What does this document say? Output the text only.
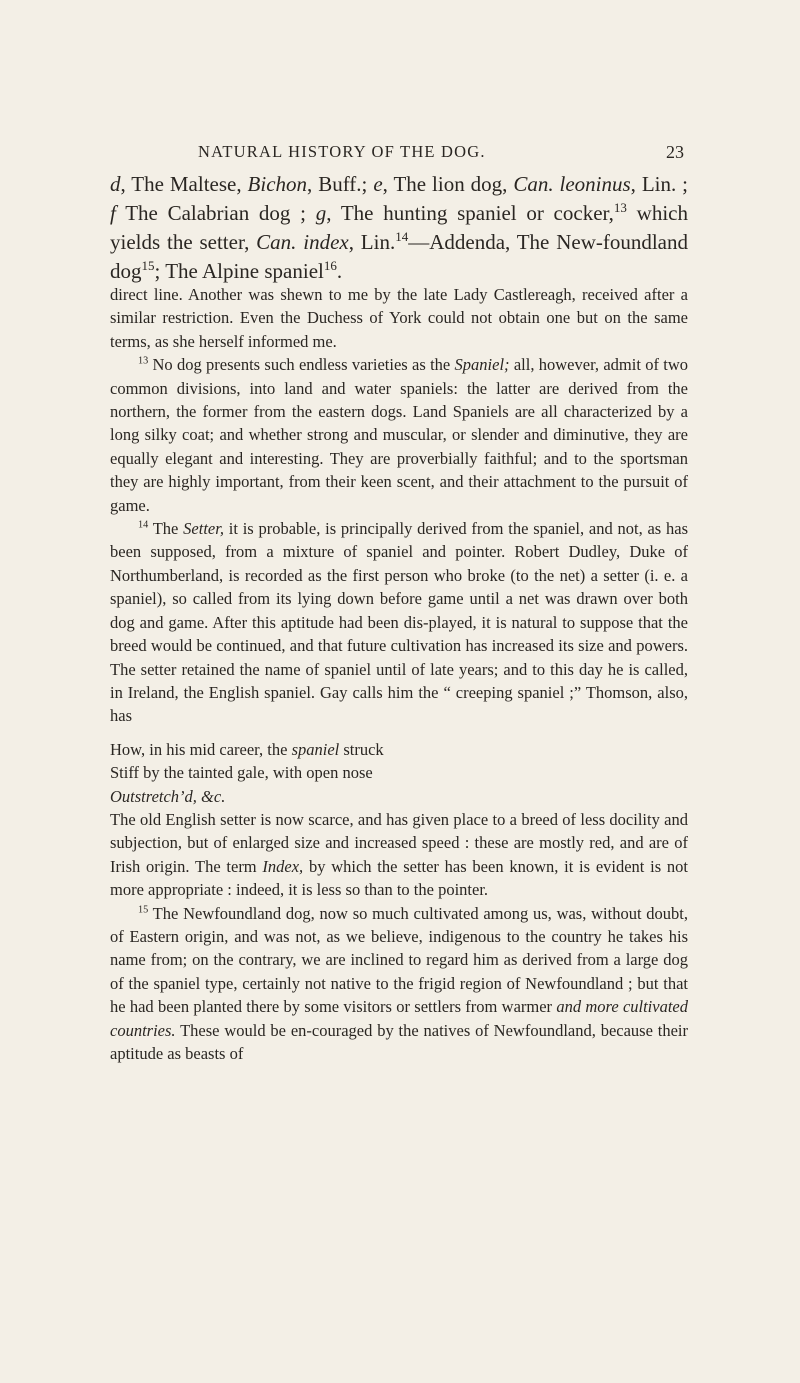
NATURAL HISTORY OF THE DOG.	23

d, The Maltese, Bichon, Buff.; e, The lion dog, Can. leoninus, Lin. ; f The Calabrian dog ; g, The hunting spaniel or cocker,$^{13}$ which yields the setter, Can. index, Lin.$^{14}$—Addenda, The New-foundland dog$^{15}$; The Alpine spaniel$^{16}$.

direct line. Another was shewn to me by the late Lady Castlereagh, received after a similar restriction. Even the Duchess of York could not obtain one but on the same terms, as she herself informed me.

$^{13}$ No dog presents such endless varieties as the Spaniel; all, however, admit of two common divisions, into land and water spaniels: the latter are derived from the northern, the former from the eastern dogs. Land Spaniels are all characterized by a long silky coat; and whether strong and muscular, or slender and diminutive, they are equally elegant and interesting. They are proverbially faithful; and to the sportsman they are highly important, from their keen scent, and their attachment to the pursuit of game.

$^{14}$ The Setter, it is probable, is principally derived from the spaniel, and not, as has been supposed, from a mixture of spaniel and pointer. Robert Dudley, Duke of Northumberland, is recorded as the first person who broke (to the net) a setter (i. e. a spaniel), so called from its lying down before game until a net was drawn over both dog and game. After this aptitude had been dis-played, it is natural to suppose that the breed would be continued, and that future cultivation has increased its size and powers. The setter retained the name of spaniel until of late years; and to this day he is called, in Ireland, the English spaniel. Gay calls him the “ creeping spaniel ;” Thomson, also, has

How, in his mid career, the spaniel struck
Stiff by the tainted gale, with open nose
Outstretch’d, &c.

The old English setter is now scarce, and has given place to a breed of less docility and subjection, but of enlarged size and increased speed : these are mostly red, and are of Irish origin. The term Index, by which the setter has been known, it is evident is not more appropriate : indeed, it is less so than to the pointer.

$^{15}$ The Newfoundland dog, now so much cultivated among us, was, without doubt, of Eastern origin, and was not, as we believe, indigenous to the country he takes his name from; on the contrary, we are inclined to regard him as derived from a large dog of the spaniel type, certainly not native to the frigid region of Newfoundland ; but that he had been planted there by some visitors or settlers from warmer and more cultivated countries. These would be en-couraged by the natives of Newfoundland, because their aptitude as beasts of
